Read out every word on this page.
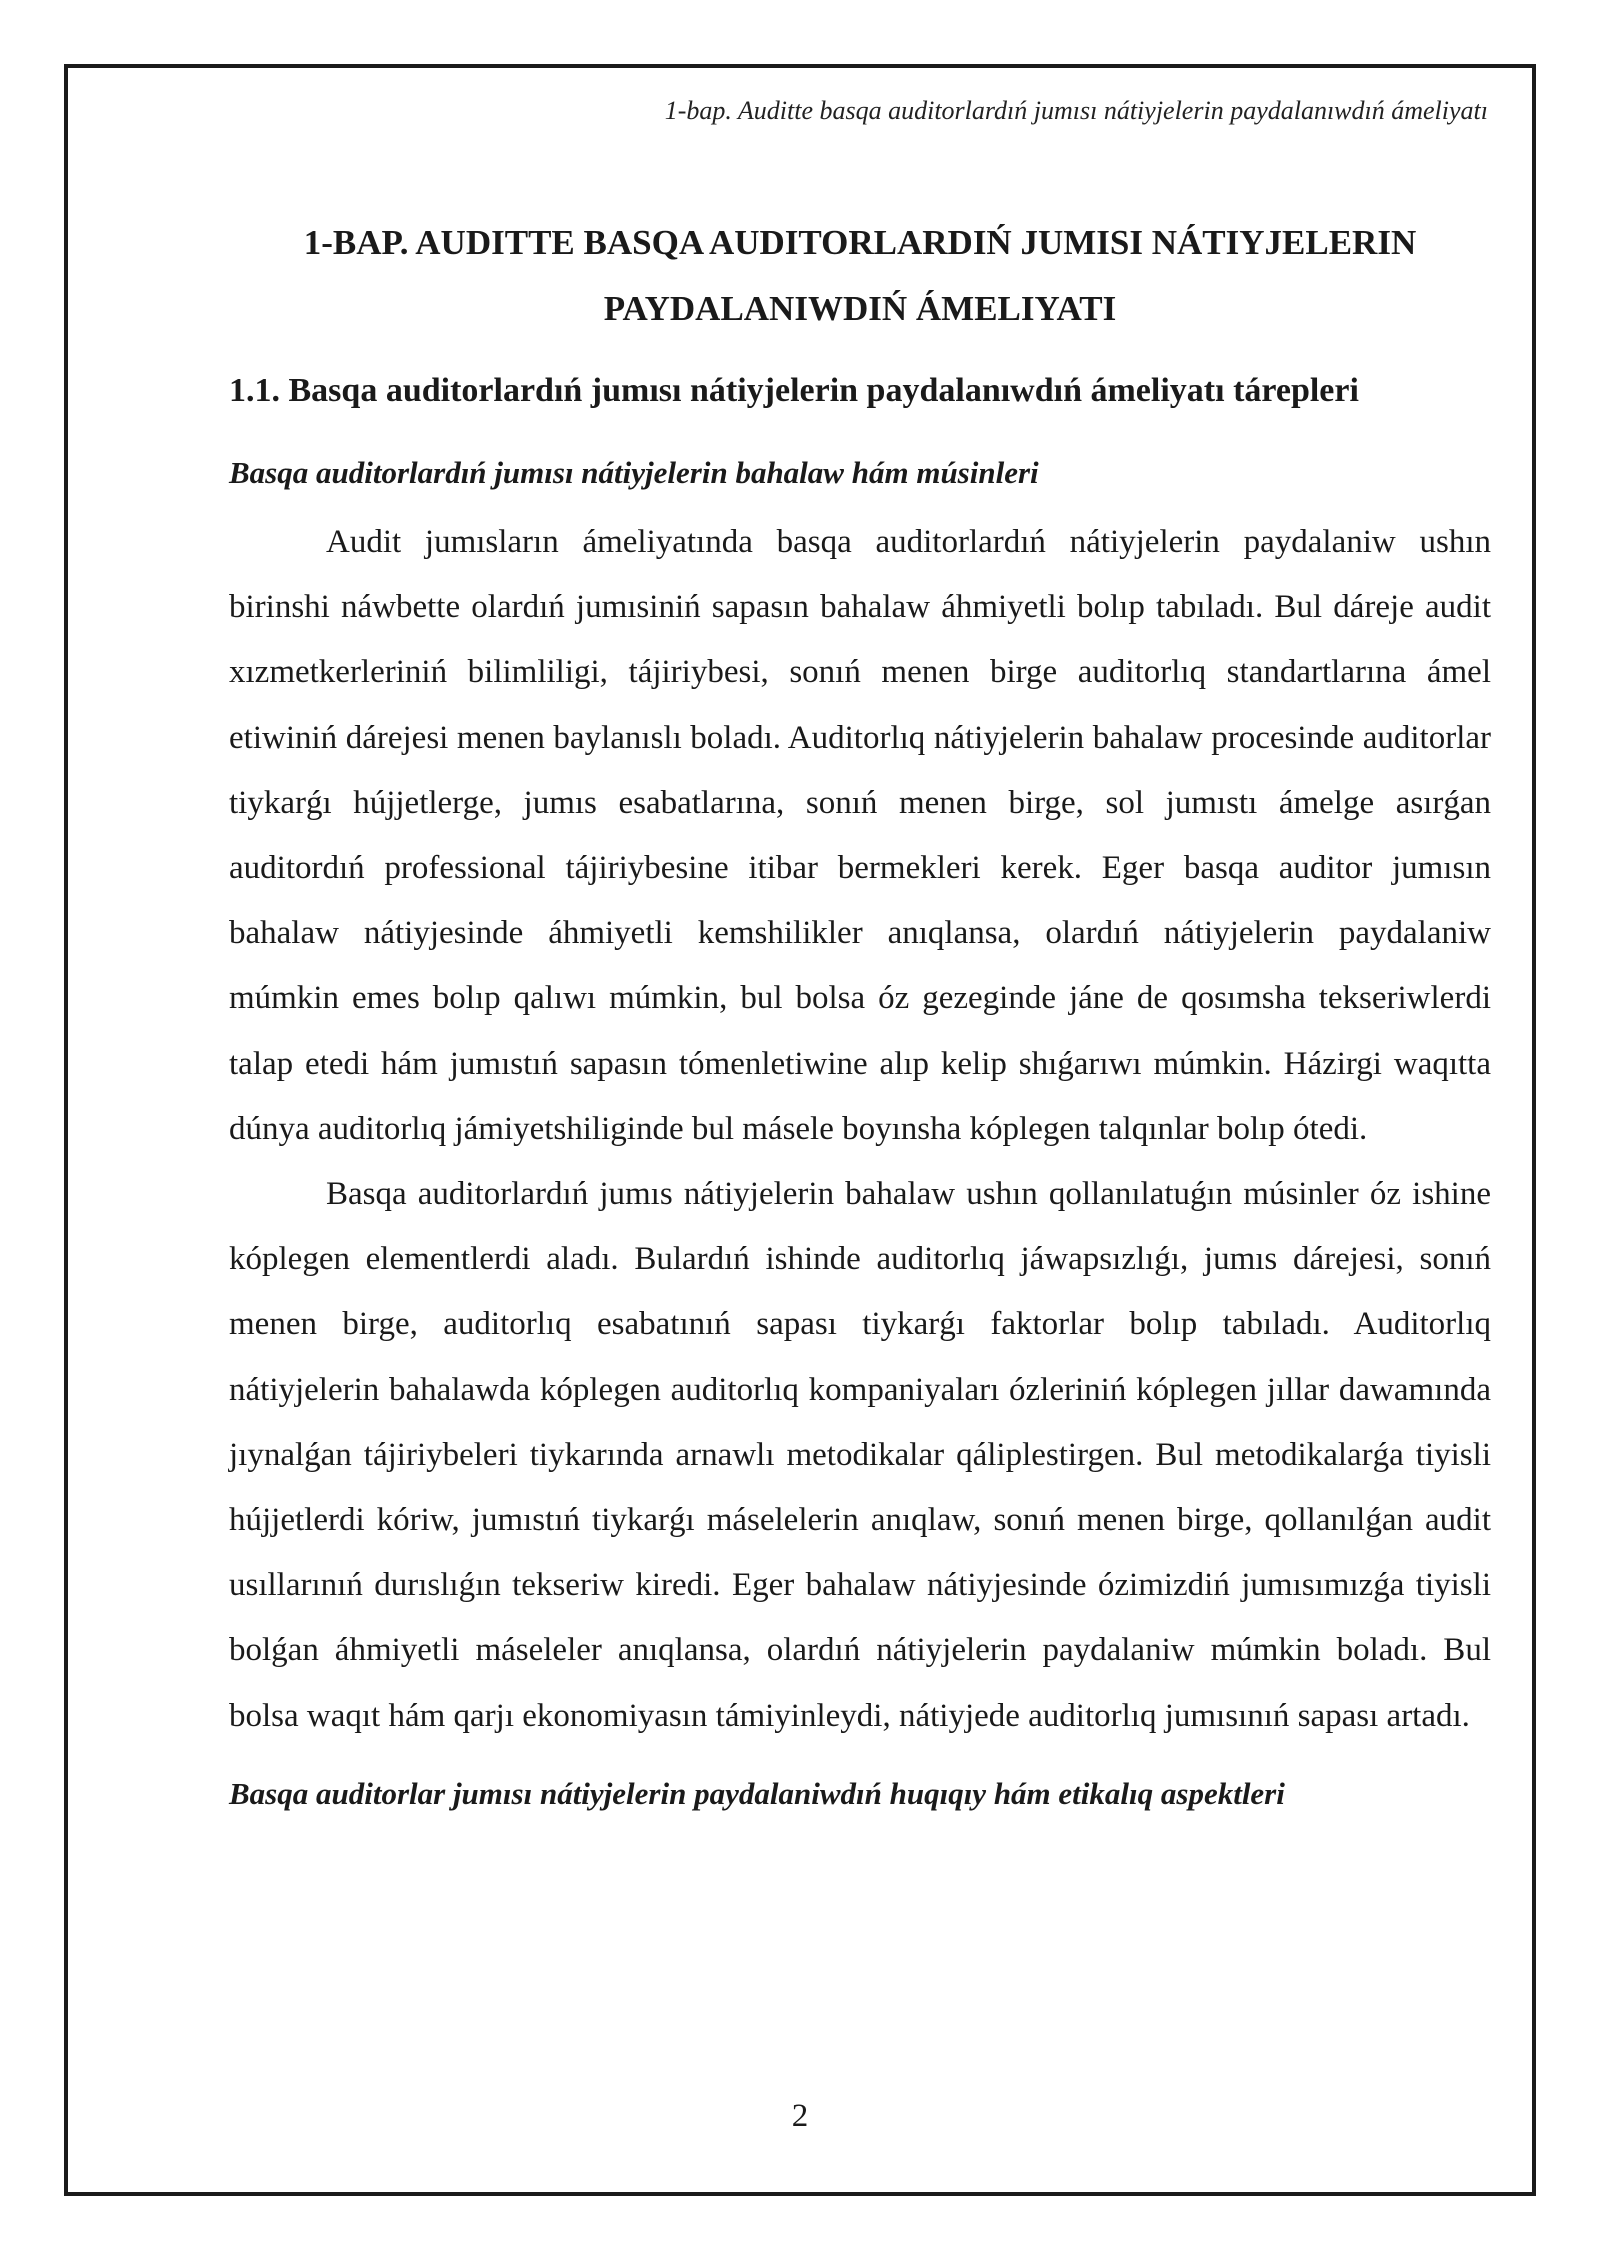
1-bap. Auditte basqa auditorlardıń jumısı nátiyjelerin paydalanıwdıń ámeliyatı
1-BAP. AUDITTE BASQA AUDITORLARDIŃ JUMISI NÁTIYJELERIN
PAYDALANIWDIŃ ÁMELIYATI
1.1. Basqa auditorlardıń jumısı nátiyjelerin paydalanıwdıń ámeliyatı tárepleri
Basqa auditorlardıń jumısı nátiyjelerin bahalaw hám músinleri

Audit jumısların ámeliyatında basqa auditorlardıń nátiyjelerin paydalaniw ushın birinshi náwbette olardıń jumısiniń sapasın bahalaw áhmiyetli bolıp tabıladı. Bul dáreje audit xızmetkerleriniń bilimliligi, tájiriybesi, sonıń menen birge auditorlıq standartlarına ámel etiwiniń dárejesi menen baylanıslı boladı. Auditorlıq nátiyjelerin bahalaw procesinde auditorlar tiykarǵı hújjetlerge, jumıs esabatlarına, sonıń menen birge, sol jumıstı ámelge asırǵan auditordıń professional tájiriybesine itibar bermekleri kerek. Eger basqa auditor jumısın bahalaw nátiyjesinde áhmiyetli kemshilikler anıqlansa, olardıń nátiyjelerin paydalaniw múmkin emes bolıp qalıwı múmkin, bul bolsa óz gezeginde jáne de qosımsha tekseriwlerdi talap etedi hám jumıstıń sapasın tómenletiwine alıp kelip shıǵarıwı múmkin. Házirgi waqıtta dúnya auditorlıq jámiyetshiliginde bul másele boyınsha kóplegen talqınlar bolıp ótedi.

Basqa auditorlardıń jumıs nátiyjelerin bahalaw ushın qollanılatuǵın músinler óz ishine kóplegen elementlerdi aladı. Bulardıń ishinde auditorlıq jáwapsızlıǵı, jumıs dárejesi, sonıń menen birge, auditorlıq esabatınıń sapası tiykarǵı faktorlar bolıp tabıladı. Auditorlıq nátiyjelerin bahalawda kóplegen auditorlıq kompaniyaları ózleriniń kóplegen jıllar dawamında jıynalǵan tájiriybeleri tiykarında arnawlı metodikalar qáliplestirgen. Bul metodikalarǵa tiyisli hújjetlerdi kóriw, jumıstıń tiykarǵı máselelerin anıqlaw, sonıń menen birge, qollanılǵan audit usıllarınıń durıslıǵın tekseriw kiredi. Eger bahalaw nátiyjesinde ózimizdiń jumısımızǵa tiyisli bolǵan áhmiyetli máseleler anıqlansa, olardıń nátiyjelerin paydalaniw múmkin boladı. Bul bolsa waqıt hám qarjı ekonomiyasın támiyinleydi, nátiyjede auditorlıq jumısınıń sapası artadı.

Basqa auditorlar jumısı nátiyjelerin paydalaniwdıń huqıqıy hám etikalıq aspektleri
2
